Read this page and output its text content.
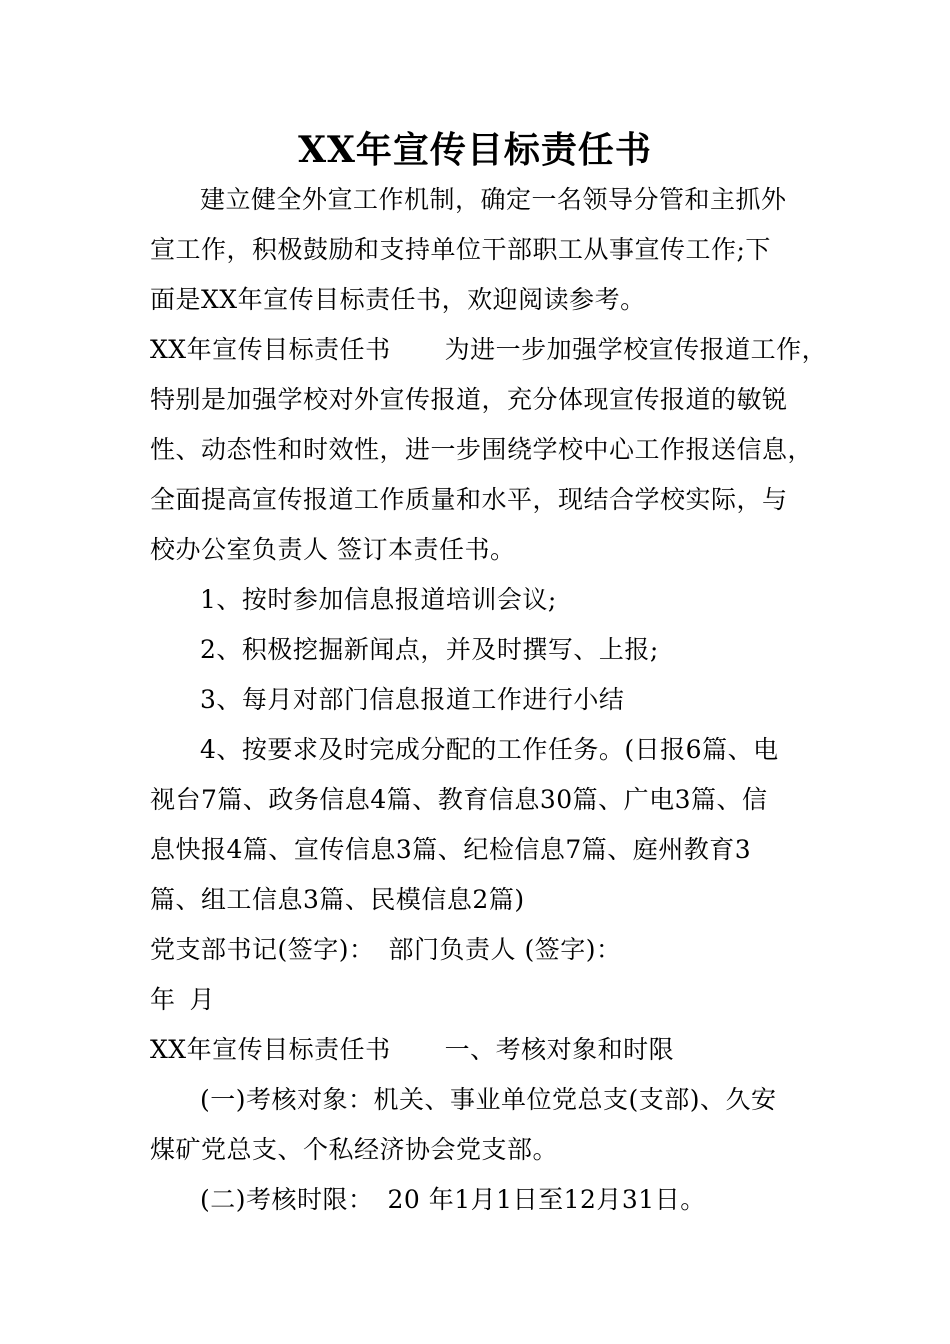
XX年宣传目标责任书
建立健全外宣工作机制，确定一名领导分管和主抓外
宣工作，积极鼓励和支持单位干部职工从事宣传工作;下
面是XX年宣传目标责任书，欢迎阅读参考。
XX年宣传目标责任书 为进一步加强学校宣传报道工作，
特别是加强学校对外宣传报道，充分体现宣传报道的敏锐
性、动态性和时效性，进一步围绕学校中心工作报送信息，
全面提高宣传报道工作质量和水平，现结合学校实际，与
校办公室负责人 签订本责任书。
1、按时参加信息报道培训会议;
2、积极挖掘新闻点，并及时撰写、上报;
3、每月对部门信息报道工作进行小结
4、按要求及时完成分配的工作任务。(日报6篇、电
视台7篇、政务信息4篇、教育信息30篇、广电3篇、信
息快报4篇、宣传信息3篇、纪检信息7篇、庭州教育3
篇、组工信息3篇、民模信息2篇)
党支部书记(签字)： 部门负责人 (签字)：
年 月
XX年宣传目标责任书 一、考核对象和时限
(一)考核对象：机关、事业单位党总支(支部)、久安
煤矿党总支、个私经济协会党支部。
(二)考核时限： 20 年1月1日至12月31日。
